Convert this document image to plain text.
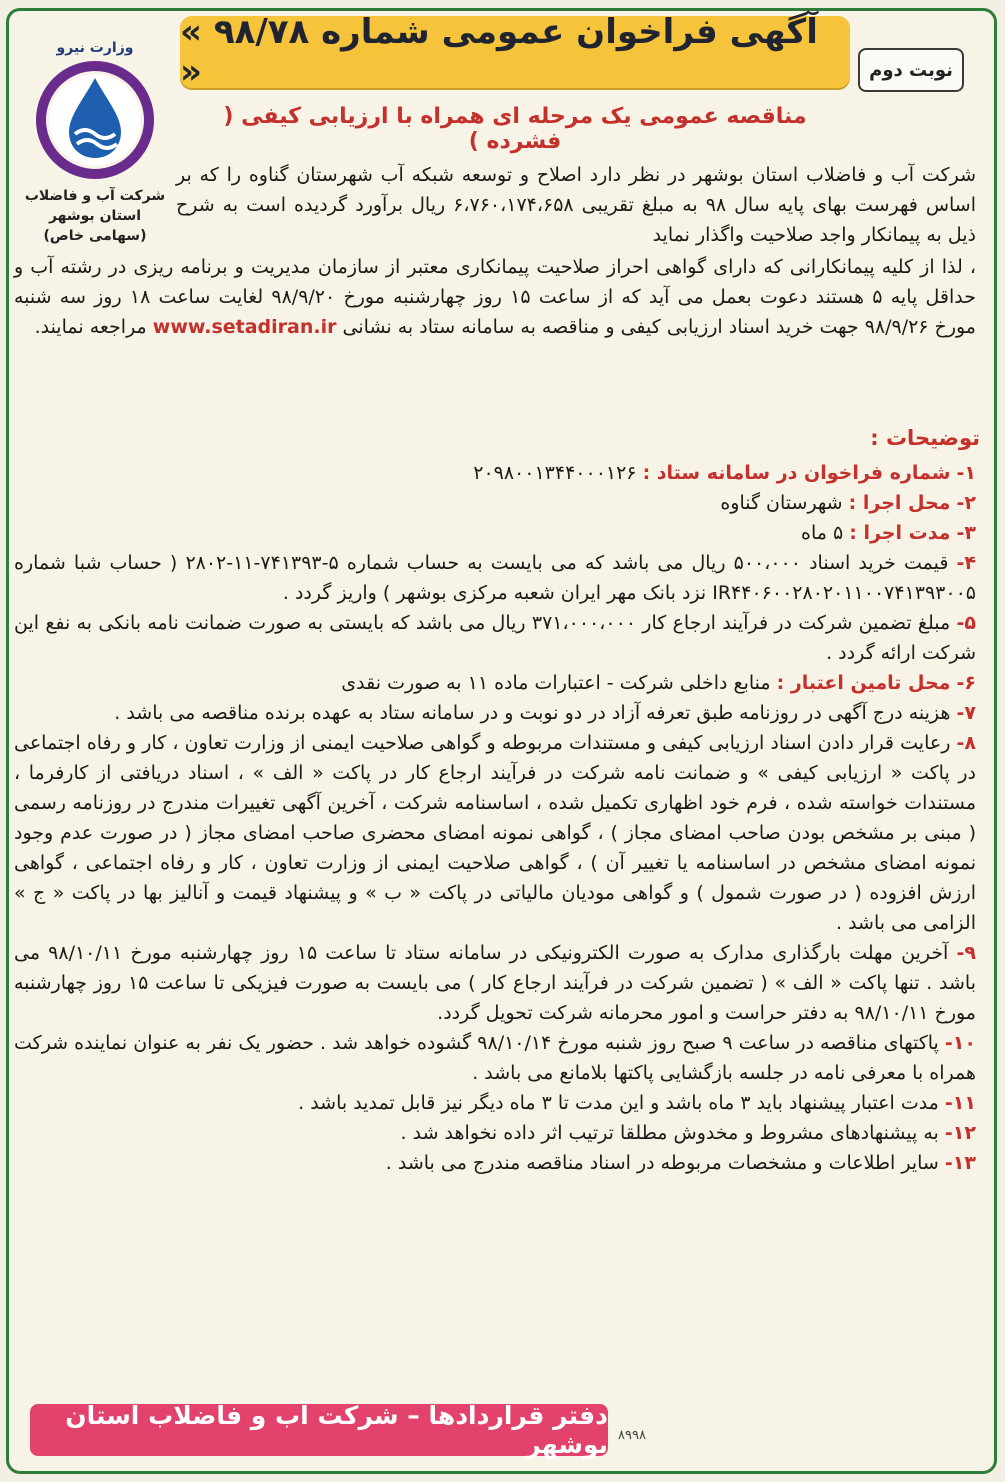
وزارت نیرو
شرکت آب و فاضلاب
استان بوشهر
(سهامی خاص)
« آگهی فراخوان عمومی شماره ۹۸/۷۸ »	نوبت دوم
مناقصه عمومی یک مرحله ای همراه با ارزیابی کیفی ( فشرده )
شرکت آب و فاضلاب استان بوشهر در نظر دارد اصلاح و توسعه شبکه آب شهرستان گناوه را که بر اساس فهرست بهای پایه سال ۹۸ به مبلغ تقریبی ۶،۷۶۰،۱۷۴،۶۵۸ ریال برآورد گردیده است به شرح ذیل به پیمانکار واجد صلاحیت واگذار نماید
، لذا از کلیه پیمانکارانی که دارای گواهی احراز صلاحیت پیمانکاری معتبر از سازمان مدیریت و برنامه ریزی در رشته آب و حداقل پایه ۵ هستند دعوت بعمل می آید که از ساعت ۱۵ روز چهارشنبه مورخ ۹۸/۹/۲۰ لغایت ساعت ۱۸ روز سه شنبه مورخ ۹۸/۹/۲۶ جهت خرید اسناد ارزیابی کیفی و مناقصه به سامانه ستاد به نشانی www.setadiran.ir مراجعه نمایند.
توضیحات :

۱- شماره فراخوان در سامانه ستاد : ۲۰۹۸۰۰۱۳۴۴۰۰۰۱۲۶

۲- محل اجرا : شهرستان گناوه

۳- مدت اجرا : ۵ ماه

۴- قیمت خرید اسناد ۵۰۰،۰۰۰ ریال می باشد که می بایست به حساب شماره ۵-۷۴۱۳۹۳-۱۱-۲۸۰۲ ( حساب شبا شماره IR۴۴۰۶۰۰۲۸۰۲۰۱۱۰۰۷۴۱۳۹۳۰۰۵ نزد بانک مهر ایران شعبه مرکزی بوشهر ) واریز گردد .

۵- مبلغ تضمین شرکت در فرآیند ارجاع کار ۳۷۱،۰۰۰،۰۰۰ ریال می باشد که بایستی به صورت ضمانت نامه بانکی به نفع این شرکت ارائه گردد .

۶- محل تامین اعتبار : منابع داخلی شرکت - اعتبارات ماده ۱۱ به صورت نقدی

۷- هزینه درج آگهی در روزنامه طبق تعرفه آزاد در دو نوبت و در سامانه ستاد به عهده برنده مناقصه می باشد .

۸- رعایت قرار دادن اسناد ارزیابی کیفی و مستندات مربوطه و گواهی صلاحیت ایمنی از وزارت تعاون ، کار و رفاه اجتماعی در پاکت « ارزیابی کیفی » و ضمانت نامه شرکت در فرآیند ارجاع کار در پاکت « الف » ، اسناد دریافتی از کارفرما ، مستندات خواسته شده ، فرم خود اظهاری تکمیل شده ، اساسنامه شرکت ، آخرین آگهی تغییرات مندرج در روزنامه رسمی ( مبنی بر مشخص بودن صاحب امضای مجاز ) ، گواهی نمونه امضای محضری صاحب امضای مجاز ( در صورت عدم وجود نمونه امضای مشخص در اساسنامه یا تغییر آن ) ، گواهی صلاحیت ایمنی از وزارت تعاون ، کار و رفاه اجتماعی ، گواهی ارزش افزوده ( در صورت شمول ) و گواهی مودیان مالیاتی در پاکت « ب » و پیشنهاد قیمت و آنالیز بها در پاکت « ج » الزامی می باشد .

۹- آخرین مهلت بارگذاری مدارک به صورت الکترونیکی در سامانه ستاد تا ساعت ۱۵ روز چهارشنبه مورخ ۹۸/۱۰/۱۱ می باشد . تنها پاکت « الف » ( تضمین شرکت در فرآیند ارجاع کار ) می بایست به صورت فیزیکی تا ساعت ۱۵ روز چهارشنبه مورخ ۹۸/۱۰/۱۱ به دفتر حراست و امور محرمانه شرکت تحویل گردد.

۱۰- پاکتهای مناقصه در ساعت ۹ صبح روز شنبه مورخ ۹۸/۱۰/۱۴ گشوده خواهد شد . حضور یک نفر به عنوان نماینده شرکت همراه با معرفی نامه در جلسه بازگشایی پاکتها بلامانع می باشد .

۱۱- مدت اعتبار پیشنهاد باید ۳ ماه باشد و این مدت تا ۳ ماه دیگر نیز قابل تمدید باشد .

۱۲- به پیشنهادهای مشروط و مخدوش مطلقا ترتیب اثر داده نخواهد شد .

۱۳- سایر اطلاعات و مشخصات مربوطه در اسناد مناقصه مندرج می باشد .

دفتر قراردادها – شرکت آب و فاضلاب استان بوشهر ۸۹۹۸
